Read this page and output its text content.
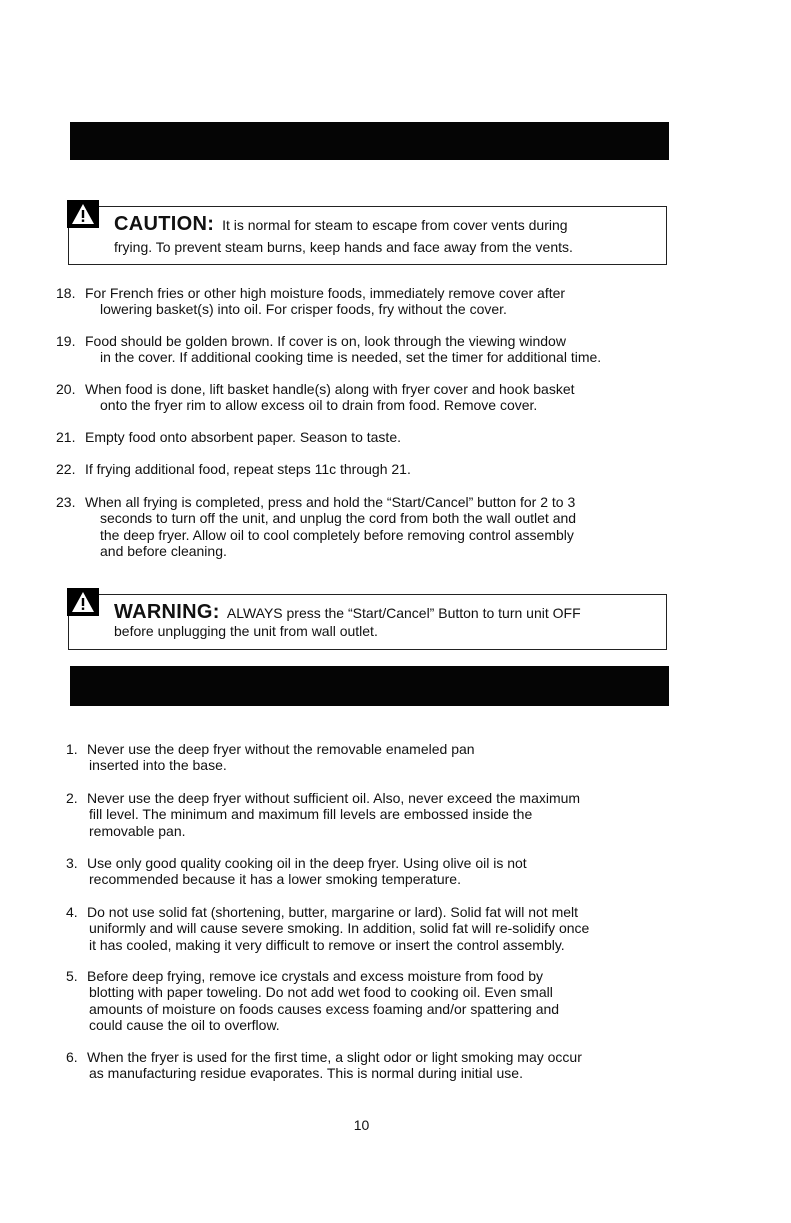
CAUTION: It is normal for steam to escape from cover vents during
frying. To prevent steam burns, keep hands and face away from the vents.
18. For French fries or other high moisture foods, immediately remove cover after
lowering basket(s) into oil. For crisper foods, fry without the cover.
19. Food should be golden brown. If cover is on, look through the viewing window
in the cover. If additional cooking time is needed, set the timer for additional time.
20. When food is done, lift basket handle(s) along with fryer cover and hook basket
onto the fryer rim to allow excess oil to drain from food. Remove cover.
21. Empty food onto absorbent paper. Season to taste.
22. If frying additional food, repeat steps 11c through 21.
23. When all frying is completed, press and hold the “Start/Cancel” button for 2 to 3
seconds to turn off the unit, and unplug the cord from both the wall outlet and
the deep fryer. Allow oil to cool completely before removing control assembly
and before cleaning.
WARNING: ALWAYS press the “Start/Cancel” Button to turn unit OFF
before unplugging the unit from wall outlet.
1. Never use the deep fryer without the removable enameled pan
inserted into the base.
2. Never use the deep fryer without sufficient oil. Also, never exceed the maximum
fill level. The minimum and maximum fill levels are embossed inside the
removable pan.
3. Use only good quality cooking oil in the deep fryer. Using olive oil is not
recommended because it has a lower smoking temperature.
4. Do not use solid fat (shortening, butter, margarine or lard). Solid fat will not melt
uniformly and will cause severe smoking. In addition, solid fat will re-solidify once
it has cooled, making it very difficult to remove or insert the control assembly.
5. Before deep frying, remove ice crystals and excess moisture from food by
blotting with paper toweling. Do not add wet food to cooking oil. Even small
amounts of moisture on foods causes excess foaming and/or spattering and
could cause the oil to overflow.
6. When the fryer is used for the first time, a slight odor or light smoking may occur
as manufacturing residue evaporates. This is normal during initial use.
10
